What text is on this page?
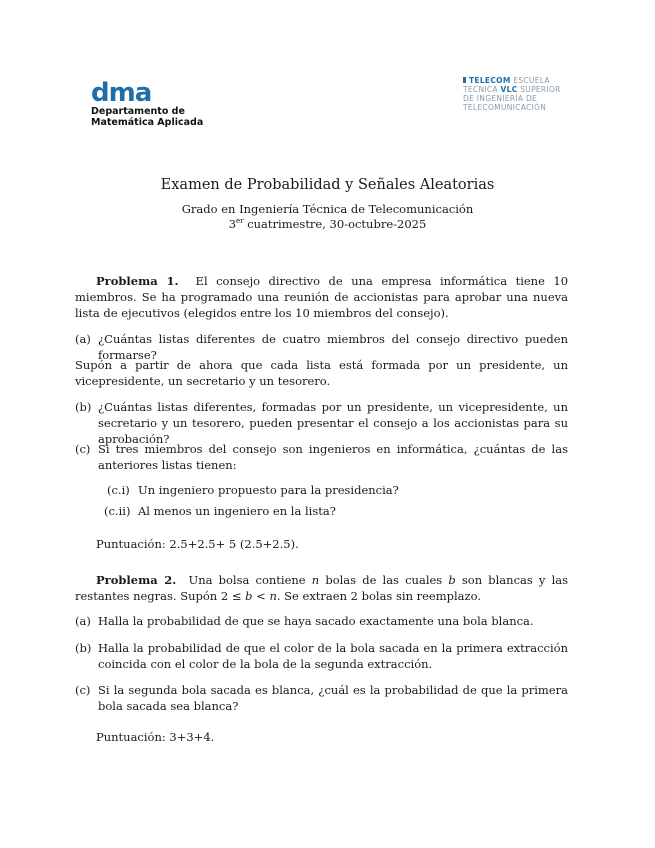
dma
Departamento de
Matemática Aplicada
TELECOM ESCUELA
TÉCNICA VLC SUPERIOR
DE INGENIERÍA DE
TELECOMUNICACIÓN
Examen de Probabilidad y Señales Aleatorias
Grado en Ingeniería Técnica de Telecomunicación
3er cuatrimestre, 30-octubre-2025
Problema 1. El consejo directivo de una empresa informática tiene 10 miembros. Se ha programado una reunión de accionistas para aprobar una nueva lista de ejecutivos (elegidos entre los 10 miembros del consejo).
(a) ¿Cuántas listas diferentes de cuatro miembros del consejo directivo pueden formarse?
Supón a partir de ahora que cada lista está formada por un presidente, un vicepresidente, un secretario y un tesorero.
(b) ¿Cuántas listas diferentes, formadas por un presidente, un vicepresidente, un secretario y un tesorero, pueden presentar el consejo a los accionistas para su aprobación?
(c) Si tres miembros del consejo son ingenieros en informática, ¿cuántas de las anteriores listas tienen:
(c.i) Un ingeniero propuesto para la presidencia?
(c.ii) Al menos un ingeniero en la lista?
Puntuación: 2.5+2.5+ 5 (2.5+2.5).
Problema 2. Una bolsa contiene n bolas de las cuales b son blancas y las restantes negras. Supón 2 ≤ b < n. Se extraen 2 bolas sin reemplazo.
(a) Halla la probabilidad de que se haya sacado exactamente una bola blanca.
(b) Halla la probabilidad de que el color de la bola sacada en la primera extracción coincida con el color de la bola de la segunda extracción.
(c) Si la segunda bola sacada es blanca, ¿cuál es la probabilidad de que la primera bola sacada sea blanca?
Puntuación: 3+3+4.
